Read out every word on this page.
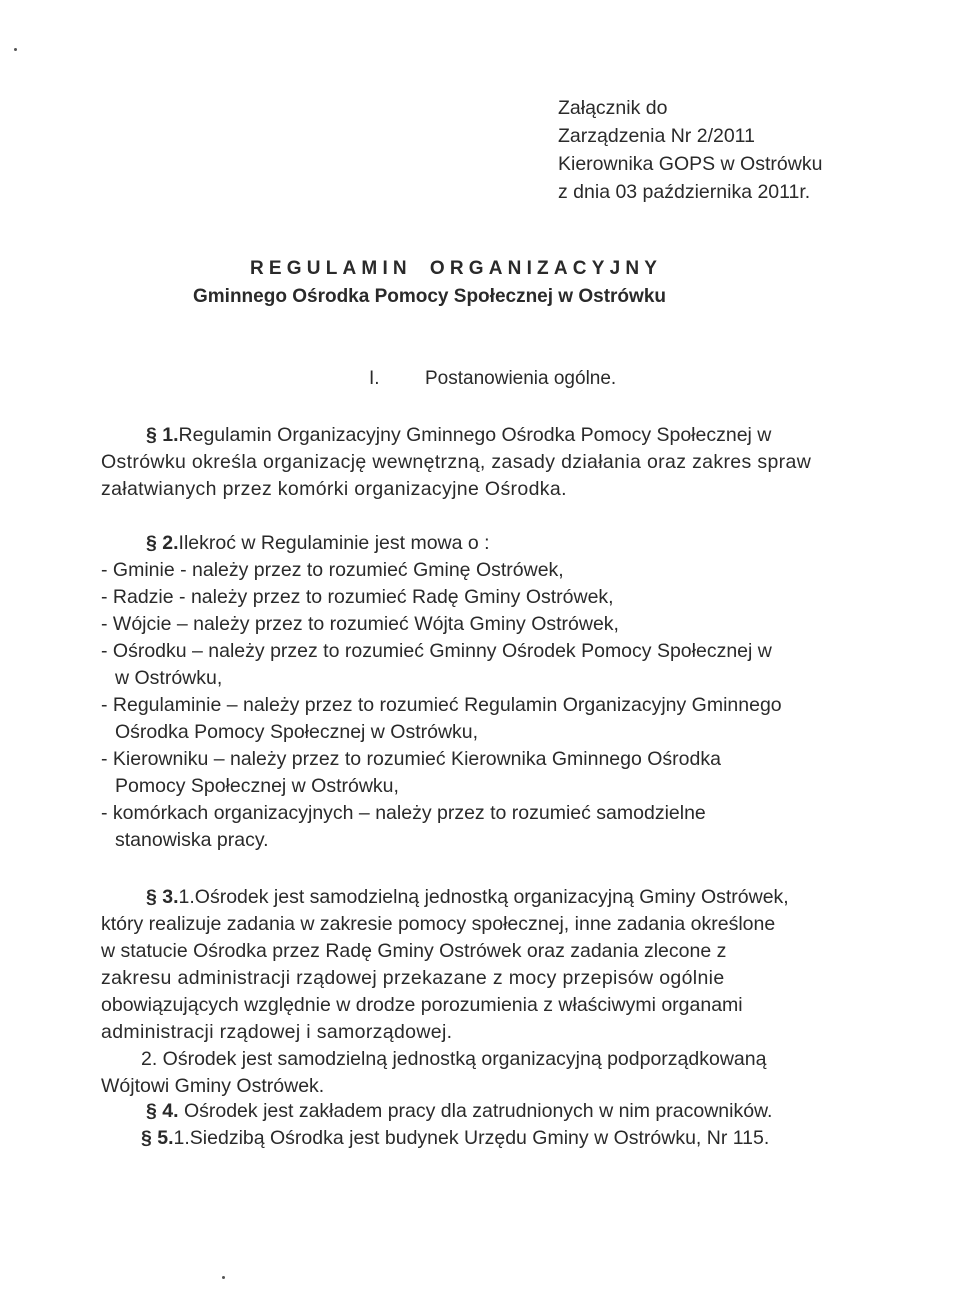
Załącznik do
Zarządzenia Nr 2/2011
Kierownika GOPS w Ostrówku
z dnia 03 października 2011r.
REGULAMIN ORGANIZACYJNY
Gminnego Ośrodka Pomocy Społecznej w Ostrówku
I. Postanowienia ogólne.
§ 1.Regulamin Organizacyjny Gminnego Ośrodka Pomocy Społecznej w
Ostrówku określa organizację wewnętrzną, zasady działania oraz zakres spraw
załatwianych przez komórki organizacyjne Ośrodka.
§ 2.Ilekroć w Regulaminie jest mowa o :
- Gminie - należy przez to rozumieć Gminę Ostrówek,
- Radzie - należy przez to rozumieć Radę Gminy Ostrówek,
- Wójcie – należy przez to rozumieć Wójta Gminy Ostrówek,
- Ośrodku – należy przez to rozumieć Gminny Ośrodek Pomocy Społecznej w
w Ostrówku,
- Regulaminie – należy przez to rozumieć Regulamin Organizacyjny Gminnego
Ośrodka Pomocy Społecznej w Ostrówku,
- Kierowniku – należy przez to rozumieć Kierownika Gminnego Ośrodka
Pomocy Społecznej w Ostrówku,
- komórkach organizacyjnych – należy przez to rozumieć samodzielne
stanowiska pracy.
§ 3.1.Ośrodek jest samodzielną jednostką organizacyjną Gminy Ostrówek,
który realizuje zadania w zakresie pomocy społecznej, inne zadania określone
w statucie Ośrodka przez Radę Gminy Ostrówek oraz zadania zlecone z
zakresu administracji rządowej przekazane z mocy przepisów ogólnie
obowiązujących względnie w drodze porozumienia z właściwymi organami
administracji rządowej i samorządowej.
2. Ośrodek jest samodzielną jednostką organizacyjną podporządkowaną
Wójtowi Gminy Ostrówek.
§ 4. Ośrodek jest zakładem pracy dla zatrudnionych w nim pracowników.
§ 5.1.Siedzibą Ośrodka jest budynek Urzędu Gminy w Ostrówku, Nr 115.
